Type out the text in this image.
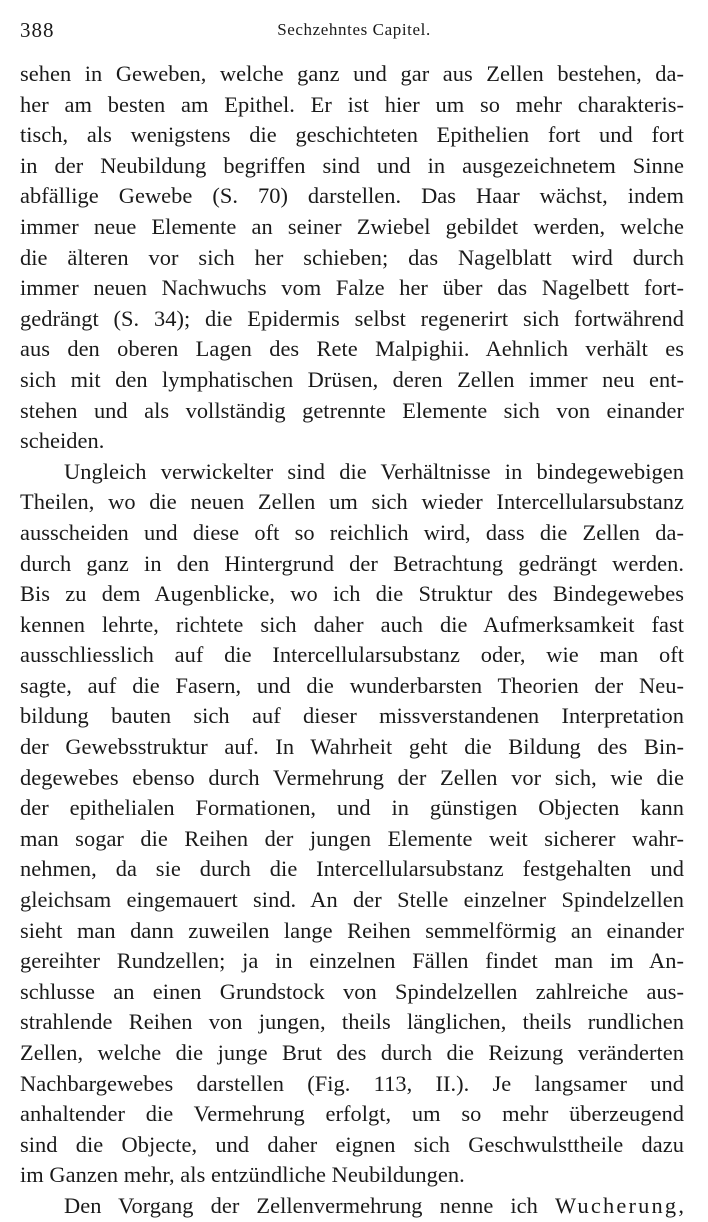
388	Sechzehntes Capitel.
sehen in Geweben, welche ganz und gar aus Zellen bestehen, da-
her am besten am Epithel. Er ist hier um so mehr charakteris-
tisch, als wenigstens die geschichteten Epithelien fort und fort
in der Neubildung begriffen sind und in ausgezeichnetem Sinne
abfällige Gewebe (S. 70) darstellen. Das Haar wächst, indem
immer neue Elemente an seiner Zwiebel gebildet werden, welche
die älteren vor sich her schieben; das Nagelblatt wird durch
immer neuen Nachwuchs vom Falze her über das Nagelbett fort-
gedrängt (S. 34); die Epidermis selbst regenerirt sich fortwährend
aus den oberen Lagen des Rete Malpighii. Aehnlich verhält es
sich mit den lymphatischen Drüsen, deren Zellen immer neu ent-
stehen und als vollständig getrennte Elemente sich von einander
scheiden.
Ungleich verwickelter sind die Verhältnisse in bindegewebigen
Theilen, wo die neuen Zellen um sich wieder Intercellularsubstanz
ausscheiden und diese oft so reichlich wird, dass die Zellen da-
durch ganz in den Hintergrund der Betrachtung gedrängt werden.
Bis zu dem Augenblicke, wo ich die Struktur des Bindegewebes
kennen lehrte, richtete sich daher auch die Aufmerksamkeit fast
ausschliesslich auf die Intercellularsubstanz oder, wie man oft
sagte, auf die Fasern, und die wunderbarsten Theorien der Neu-
bildung bauten sich auf dieser missverstandenen Interpretation
der Gewebsstruktur auf. In Wahrheit geht die Bildung des Bin-
degewebes ebenso durch Vermehrung der Zellen vor sich, wie die
der epithelialen Formationen, und in günstigen Objecten kann
man sogar die Reihen der jungen Elemente weit sicherer wahr-
nehmen, da sie durch die Intercellularsubstanz festgehalten und
gleichsam eingemauert sind. An der Stelle einzelner Spindelzellen
sieht man dann zuweilen lange Reihen semmelförmig an einander
gereihter Rundzellen; ja in einzelnen Fällen findet man im An-
schlusse an einen Grundstock von Spindelzellen zahlreiche aus-
strahlende Reihen von jungen, theils länglichen, theils rundlichen
Zellen, welche die junge Brut des durch die Reizung veränderten
Nachbargewebes darstellen (Fig. 113, II.). Je langsamer und
anhaltender die Vermehrung erfolgt, um so mehr überzeugend
sind die Objecte, und daher eignen sich Geschwulsttheile dazu
im Ganzen mehr, als entzündliche Neubildungen.
Den Vorgang der Zellenvermehrung nenne ich Wucherung,
